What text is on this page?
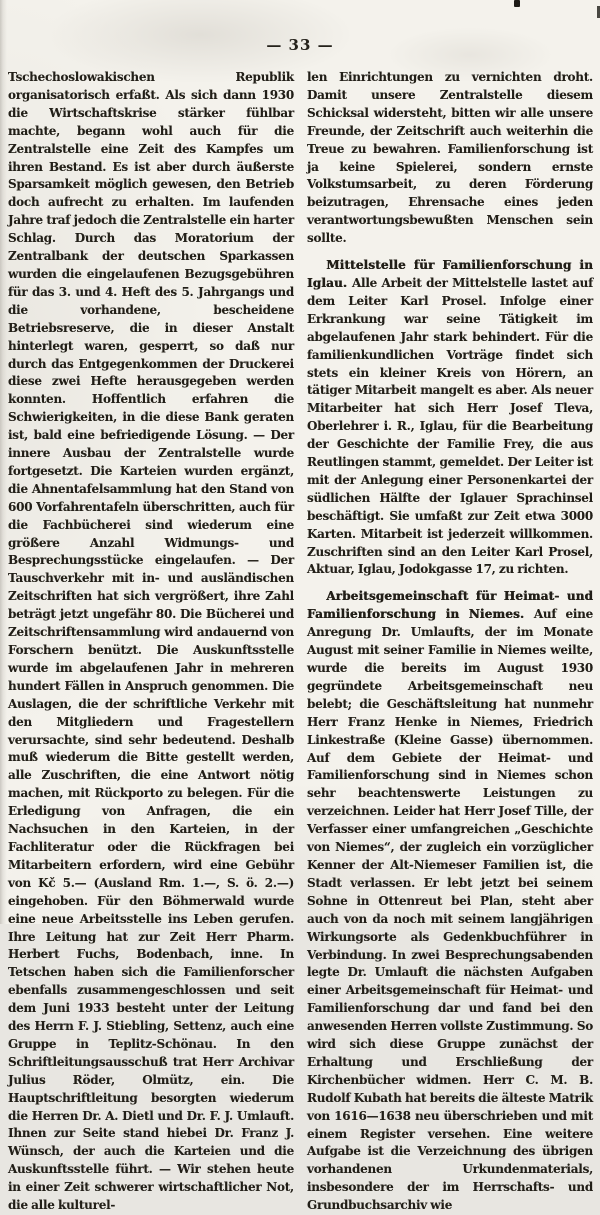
— 33 —

Tschechoslowakischen Republik organisatorisch erfaßt. Als sich dann 1930 die Wirtschaftskrise stärker fühlbar machte, begann wohl auch für die Zentralstelle eine Zeit des Kampfes um ihren Bestand. Es ist aber durch äußerste Sparsamkeit möglich gewesen, den Betrieb doch aufrecht zu erhalten. Im laufenden Jahre traf jedoch die Zentralstelle ein harter Schlag. Durch das Moratorium der Zentralbank der deutschen Sparkassen wurden die eingelaufenen Bezugsgebühren für das 3. und 4. Heft des 5. Jahrgangs und die vorhandene, bescheidene Betriebsreserve, die in dieser Anstalt hinterlegt waren, gesperrt, so daß nur durch das Entgegenkommen der Druckerei diese zwei Hefte herausgegeben werden konnten. Hoffentlich erfahren die Schwierigkeiten, in die diese Bank geraten ist, bald eine befriedigende Lösung. — Der innere Ausbau der Zentralstelle wurde fortgesetzt. Die Karteien wurden ergänzt, die Ahnentafelsammlung hat den Stand von 600 Vorfahrentafeln überschritten, auch für die Fachbücherei sind wiederum eine größere Anzahl Widmungs- und Besprechungsstücke eingelaufen. — Der Tauschverkehr mit in- und ausländischen Zeitschriften hat sich vergrößert, ihre Zahl beträgt jetzt ungefähr 80. Die Bücherei und Zeitschriftensammlung wird andauernd von Forschern benützt. Die Auskunftsstelle wurde im abgelaufenen Jahr in mehreren hundert Fällen in Anspruch genommen. Die Auslagen, die der schriftliche Verkehr mit den Mitgliedern und Fragestellern verursachte, sind sehr bedeutend. Deshalb muß wiederum die Bitte gestellt werden, alle Zuschriften, die eine Antwort nötig machen, mit Rückporto zu belegen. Für die Erledigung von Anfragen, die ein Nachsuchen in den Karteien, in der Fachliteratur oder die Rückfragen bei Mitarbeitern erfordern, wird eine Gebühr von Kč 5.— (Ausland Rm. 1.—, S. ö. 2.—) eingehoben. Für den Böhmerwald wurde eine neue Arbeitsstelle ins Leben gerufen. Ihre Leitung hat zur Zeit Herr Pharm. Herbert Fuchs, Bodenbach, inne. In Tetschen haben sich die Familienforscher ebenfalls zusammengeschlossen und seit dem Juni 1933 besteht unter der Leitung des Herrn F. J. Stiebling, Settenz, auch eine Gruppe in Teplitz-Schönau. In den Schriftleitungsausschuß trat Herr Archivar Julius Röder, Olmütz, ein. Die Hauptschriftleitung besorgten wiederum die Herren Dr. A. Dietl und Dr. F. J. Umlauft. Ihnen zur Seite stand hiebei Dr. Franz J. Wünsch, der auch die Karteien und die Auskunftsstelle führt. — Wir stehen heute in einer Zeit schwerer wirtschaftlicher Not, die alle kulturel-

len Einrichtungen zu vernichten droht. Damit unsere Zentralstelle diesem Schicksal widersteht, bitten wir alle unsere Freunde, der Zeitschrift auch weiterhin die Treue zu bewahren. Familienforschung ist ja keine Spielerei, sondern ernste Volkstumsarbeit, zu deren Förderung beizutragen, Ehrensache eines jeden verantwortungsbewußten Menschen sein sollte.

Mittelstelle für Familienforschung in Iglau. Alle Arbeit der Mittelstelle lastet auf dem Leiter Karl Prosel. Infolge einer Erkrankung war seine Tätigkeit im abgelaufenen Jahr stark behindert. Für die familienkundlichen Vorträge findet sich stets ein kleiner Kreis von Hörern, an tätiger Mitarbeit mangelt es aber. Als neuer Mitarbeiter hat sich Herr Josef Tleva, Oberlehrer i. R., Iglau, für die Bearbeitung der Geschichte der Familie Frey, die aus Reutlingen stammt, gemeldet. Der Leiter ist mit der Anlegung einer Personenkartei der südlichen Hälfte der Iglauer Sprachinsel beschäftigt. Sie umfaßt zur Zeit etwa 3000 Karten. Mitarbeit ist jederzeit willkommen. Zuschriften sind an den Leiter Karl Prosel, Aktuar, Iglau, Jodokgasse 17, zu richten.

Arbeitsgemeinschaft für Heimat- und Familienforschung in Niemes. Auf eine Anregung Dr. Umlaufts, der im Monate August mit seiner Familie in Niemes weilte, wurde die bereits im August 1930 gegründete Arbeitsgemeinschaft neu belebt; die Geschäftsleitung hat nunmehr Herr Franz Henke in Niemes, Friedrich Linkestraße (Kleine Gasse) übernommen. Auf dem Gebiete der Heimat- und Familienforschung sind in Niemes schon sehr beachtenswerte Leistungen zu verzeichnen. Leider hat Herr Josef Tille, der Verfasser einer umfangreichen „Geschichte von Niemes“, der zugleich ein vorzüglicher Kenner der Alt-Niemeser Familien ist, die Stadt verlassen. Er lebt jetzt bei seinem Sohne in Ottenreut bei Plan, steht aber auch von da noch mit seinem langjährigen Wirkungsorte als Gedenkbuchführer in Verbindung. In zwei Besprechungsabenden legte Dr. Umlauft die nächsten Aufgaben einer Arbeitsgemeinschaft für Heimat- und Familienforschung dar und fand bei den anwesenden Herren vollste Zustimmung. So wird sich diese Gruppe zunächst der Erhaltung und Erschließung der Kirchenbücher widmen. Herr C. M. B. Rudolf Kubath hat bereits die älteste Matrik von 1616—1638 neu überschrieben und mit einem Register versehen. Eine weitere Aufgabe ist die Verzeichnung des übrigen vorhandenen Urkundenmaterials, insbesondere der im Herrschafts- und Grundbuchsarchiv wie
